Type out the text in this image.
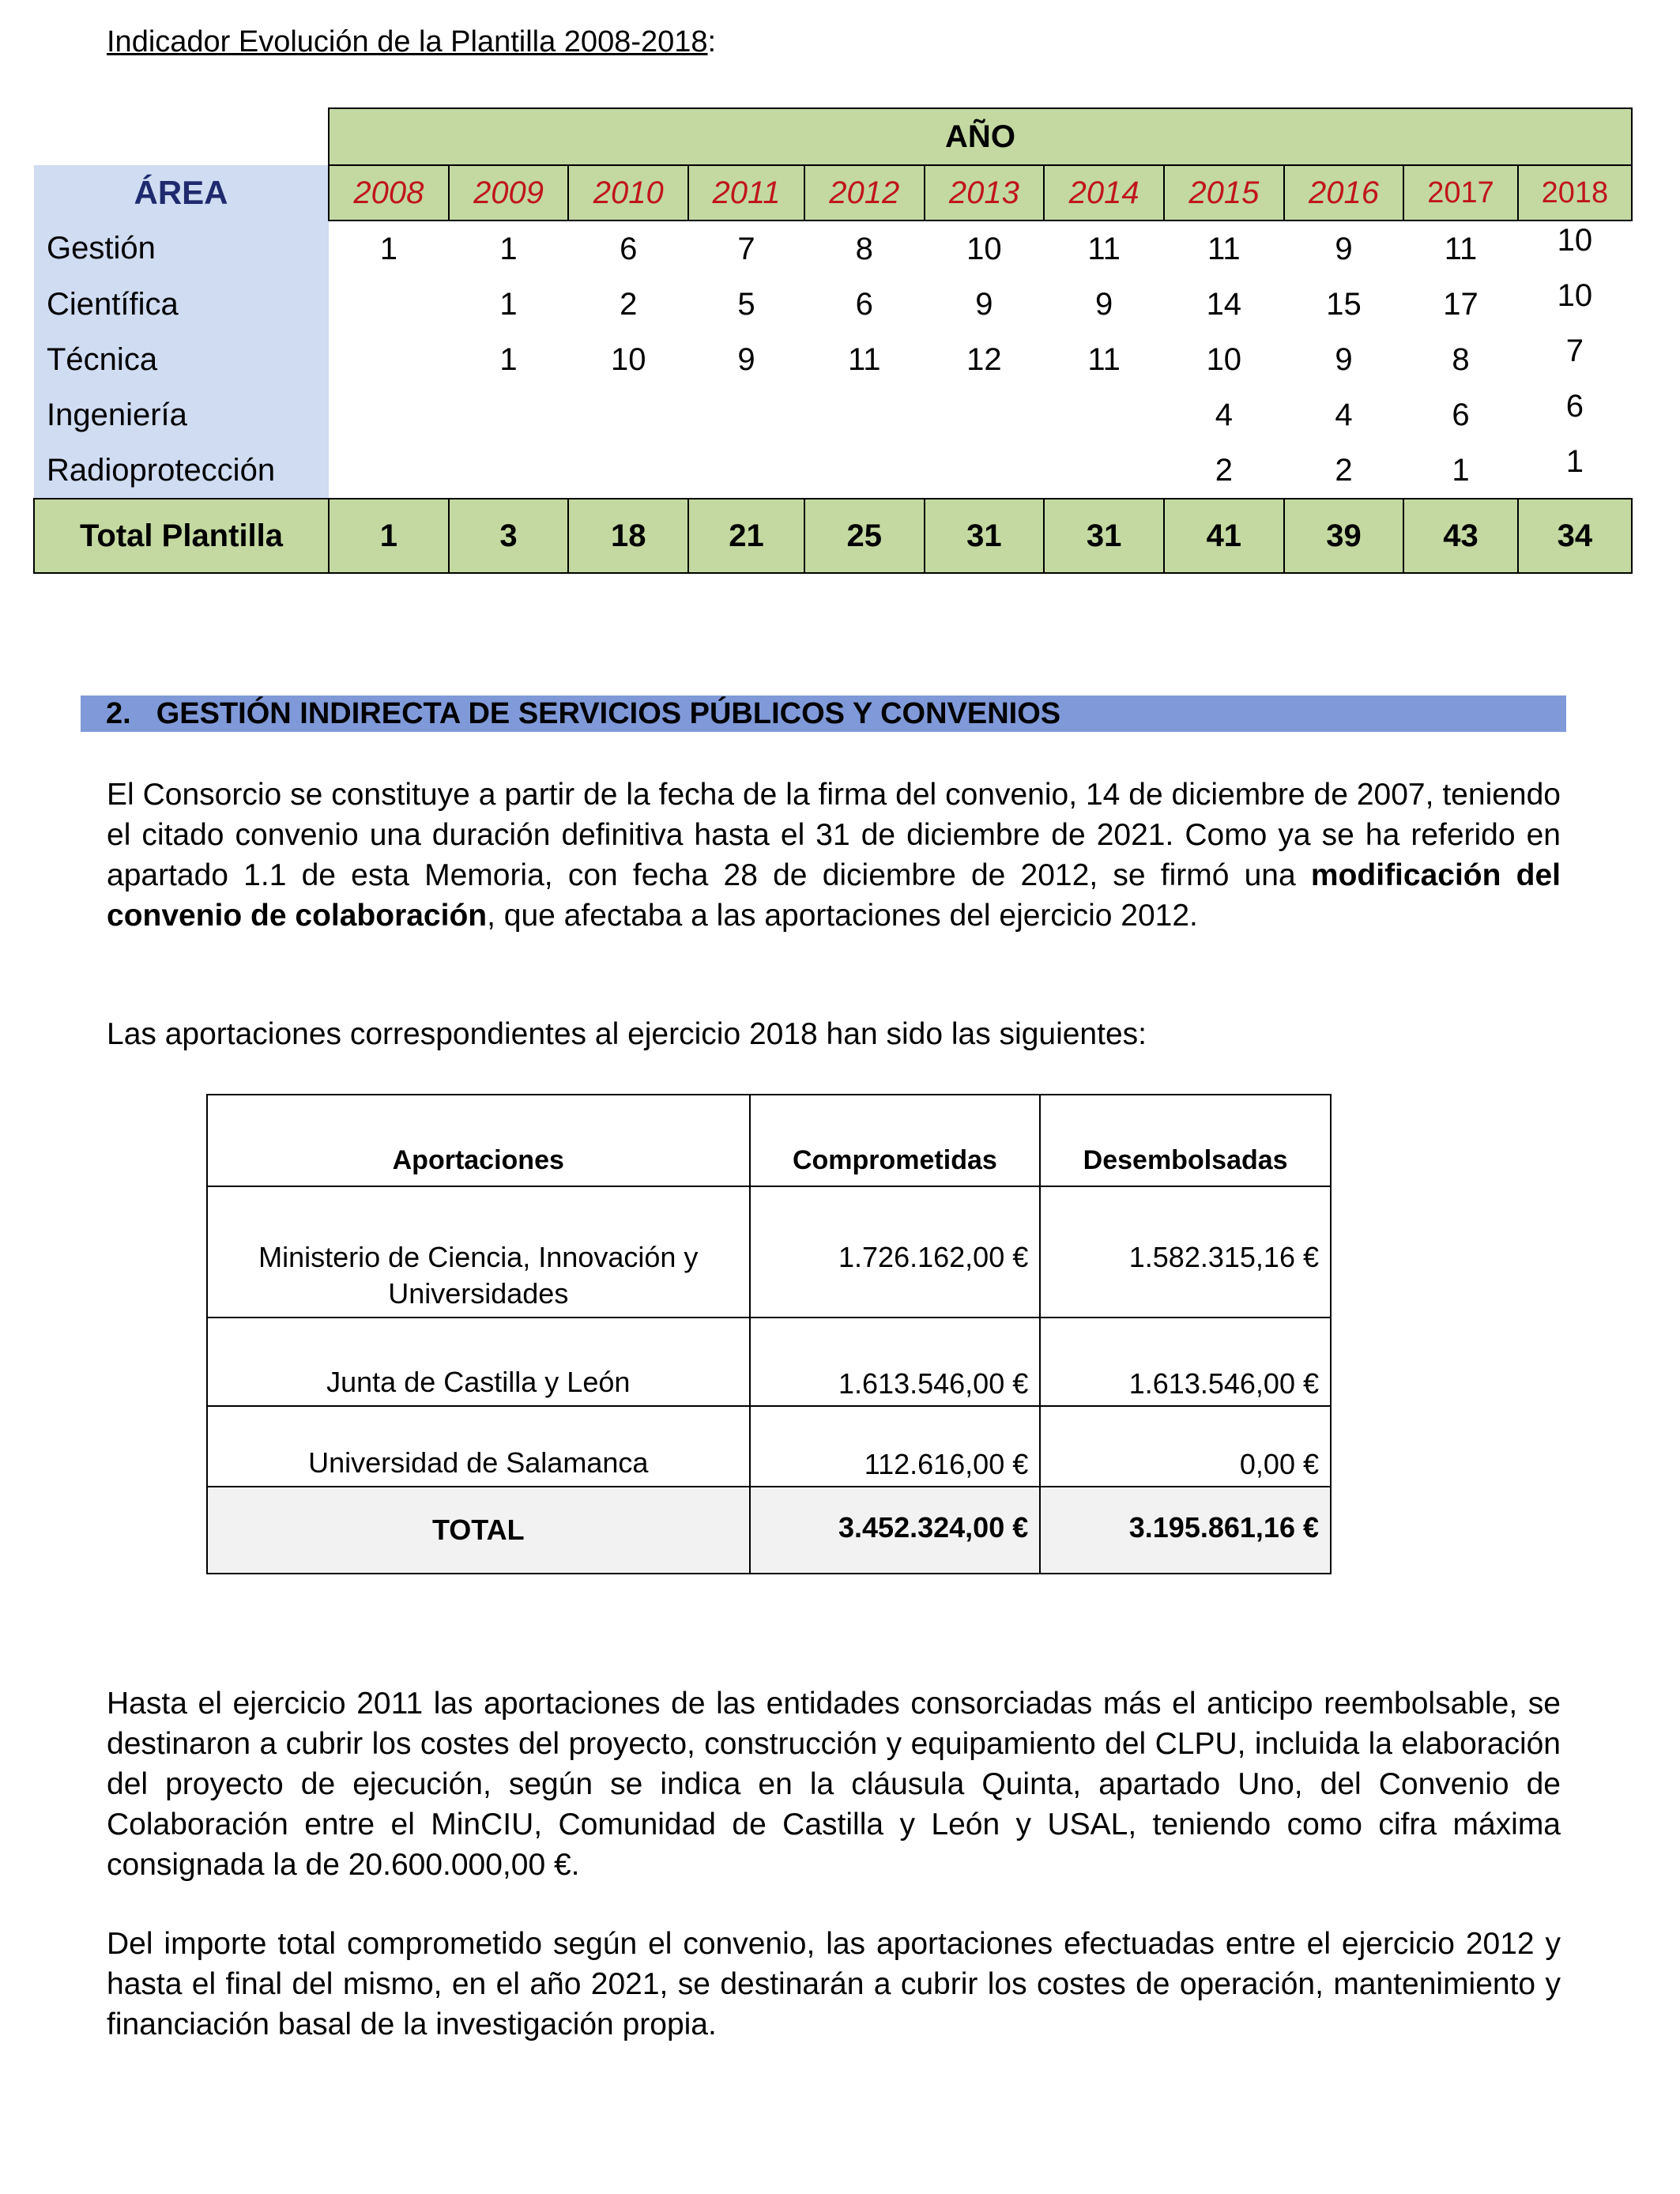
Indicador Evolución de la Plantilla 2008-2018:
	AÑO										
ÁREA	2008	2009	2010	2011	2012	2013	2014	2015	2016	2017	2018
Gestión	1	1	6	7	8	10	11	11	9	11	10
Científica		1	2	5	6	9	9	14	15	17	10
Técnica		1	10	9	11	12	11	10	9	8	7
Ingeniería								4	4	6	6
Radioprotección								2	2	1	1
Total Plantilla	1	3	18	21	25	31	31	41	39	43	34
2. GESTIÓN INDIRECTA DE SERVICIOS PÚBLICOS Y CONVENIOS
El Consorcio se constituye a partir de la fecha de la firma del convenio, 14 de diciembre de 2007, teniendo el citado convenio una duración definitiva hasta el 31 de diciembre de 2021. Como ya se ha referido en apartado 1.1 de esta Memoria, con fecha 28 de diciembre de 2012, se firmó una modificación del convenio de colaboración, que afectaba a las aportaciones del ejercicio 2012.
Las aportaciones correspondientes al ejercicio 2018 han sido las siguientes:
Aportaciones	Comprometidas	Desembolsadas
Ministerio de Ciencia, Innovación y Universidades	1.726.162,00 €	1.582.315,16 €
Junta de Castilla y León	1.613.546,00 €	1.613.546,00 €
Universidad de Salamanca	112.616,00 €	0,00 €
TOTAL	3.452.324,00 €	3.195.861,16 €
Hasta el ejercicio 2011 las aportaciones de las entidades consorciadas más el anticipo reembolsable, se destinaron a cubrir los costes del proyecto, construcción y equipamiento del CLPU, incluida la elaboración del proyecto de ejecución, según se indica en la cláusula Quinta, apartado Uno, del Convenio de Colaboración entre el MinCIU, Comunidad de Castilla y León y USAL, teniendo como cifra máxima consignada la de 20.600.000,00 €.
Del importe total comprometido según el convenio, las aportaciones efectuadas entre el ejercicio 2012 y hasta el final del mismo, en el año 2021, se destinarán a cubrir los costes de operación, mantenimiento y financiación basal de la investigación propia.
